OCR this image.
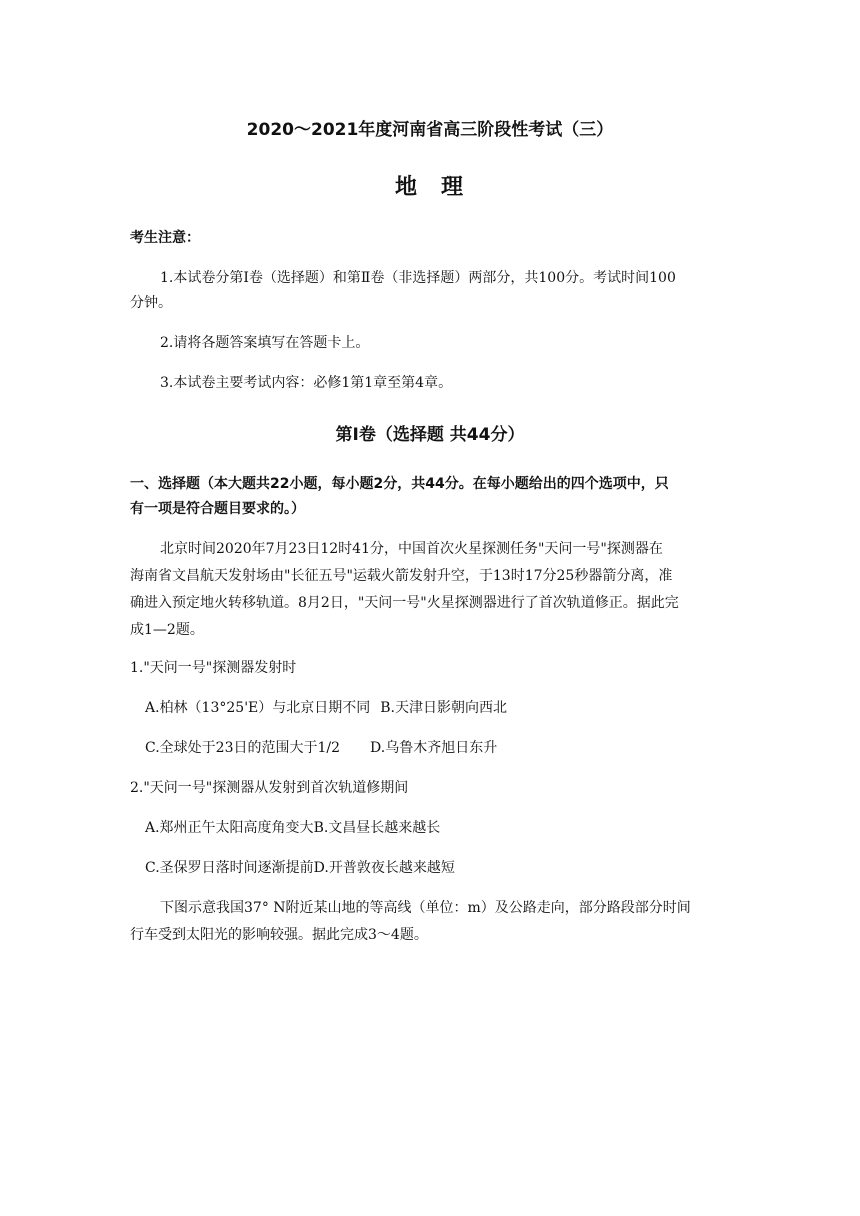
2020～2021年度河南省高三阶段性考试（三）
地 理
考生注意：
1.本试卷分第Ⅰ卷（选择题）和第Ⅱ卷（非选择题）两部分，共100分。考试时间100
分钟。
2.请将各题答案填写在答题卡上。
3.本试卷主要考试内容：必修1第1章至第4章。
第Ⅰ卷（选择题 共44分）
一、选择题（本大题共22小题，每小题2分，共44分。在每小题给出的四个选项中，只
有一项是符合题目要求的。）
北京时间2020年7月23日12时41分，中国首次火星探测任务"天问一号"探测器在
海南省文昌航天发射场由"长征五号"运载火箭发射升空，于13时17分25秒器箭分离，准
确进入预定地火转移轨道。8月2日，"天问一号"火星探测器进行了首次轨道修正。据此完
成1—2题。
1."天问一号"探测器发射时
A.柏林（13°25'E）与北京日期不同 B.天津日影朝向西北
C.全球处于23日的范围大于1/2 D.乌鲁木齐旭日东升
2."天问一号"探测器从发射到首次轨道修期间
A.郑州正午太阳高度角变大B.文昌昼长越来越长
C.圣保罗日落时间逐渐提前D.开普敦夜长越来越短
下图示意我国37° N附近某山地的等高线（单位：m）及公路走向，部分路段部分时间
行车受到太阳光的影响较强。据此完成3～4题。
